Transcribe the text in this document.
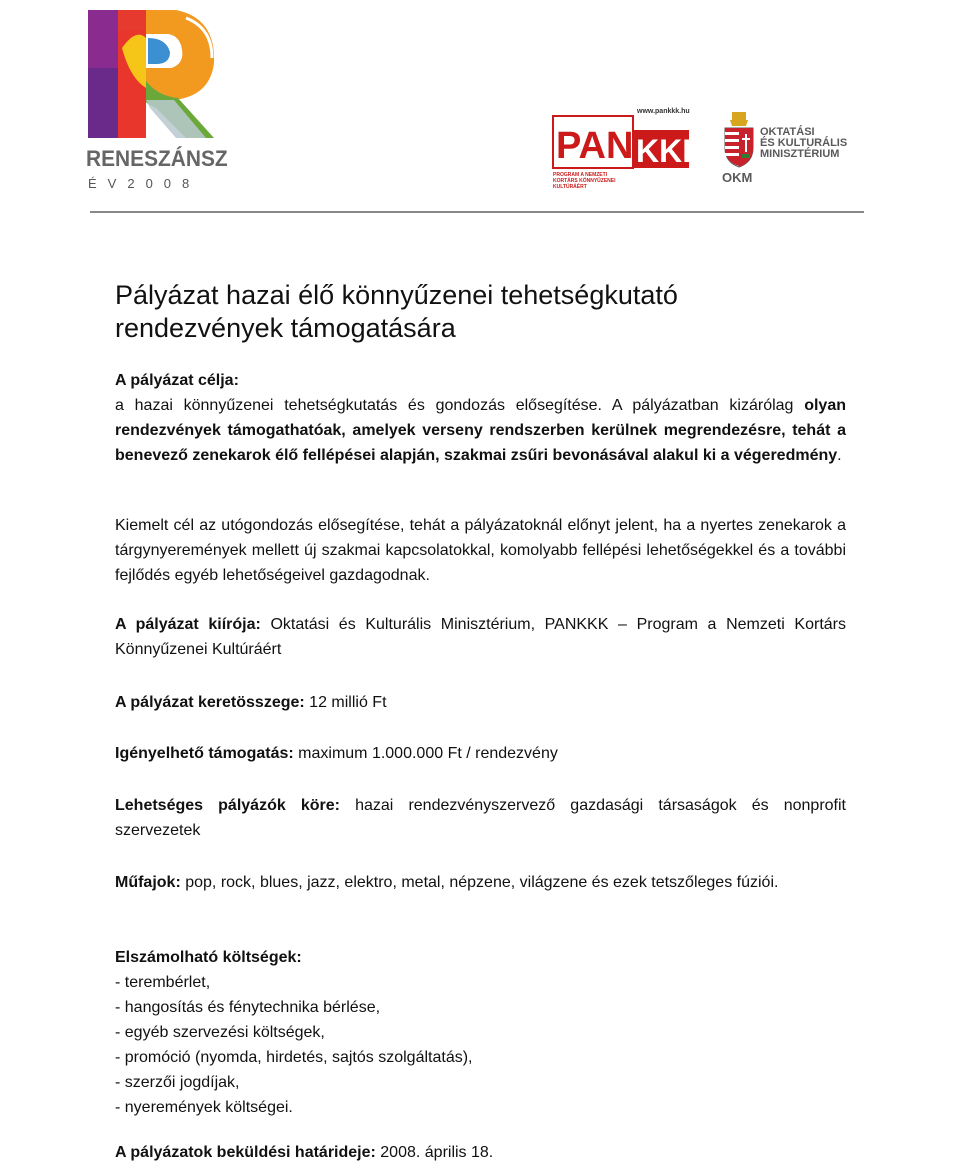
RENESZÁNSZ
ÉV2008
PAN KKK
www.pankkk.hu
PROGRAM A NEMZETI KORTÁRS KÖNNYŰZENEI KULTÚRÁÉRT
OKTATÁSI
ÉS KULTURÁLIS
MINISZTÉRIUM
OKM
Pályázat hazai élő könnyűzenei tehetségkutató
rendezvények támogatására
A pályázat célja:
a hazai könnyűzenei tehetségkutatás és gondozás elősegítése. A pályázatban kizárólag olyan rendezvények támogathatóak, amelyek verseny rendszerben kerülnek megrendezésre, tehát a benevező zenekarok élő fellépései alapján, szakmai zsűri bevonásával alakul ki a végeredmény.
Kiemelt cél az utógondozás elősegítése, tehát a pályázatoknál előnyt jelent, ha a nyertes zenekarok a tárgynyeremények mellett új szakmai kapcsolatokkal, komolyabb fellépési lehetőségekkel és a további fejlődés egyéb lehetőségeivel gazdagodnak.
A pályázat kiírója: Oktatási és Kulturális Minisztérium, PANKKK – Program a Nemzeti Kortárs Könnyűzenei Kultúráért
A pályázat keretösszege: 12 millió Ft
Igényelhető támogatás: maximum 1.000.000 Ft / rendezvény
Lehetséges pályázók köre: hazai rendezvényszervező gazdasági társaságok és nonprofit szervezetek
Műfajok: pop, rock, blues, jazz, elektro, metal, népzene, világzene és ezek tetszőleges fúziói.
Elszámolható költségek:
- terembérlet,
- hangosítás és fénytechnika bérlése,
- egyéb szervezési költségek,
- promóció (nyomda, hirdetés, sajtós szolgáltatás),
- szerzői jogdíjak,
- nyeremények költségei.
A pályázatok beküldési határideje: 2008. április 18.
